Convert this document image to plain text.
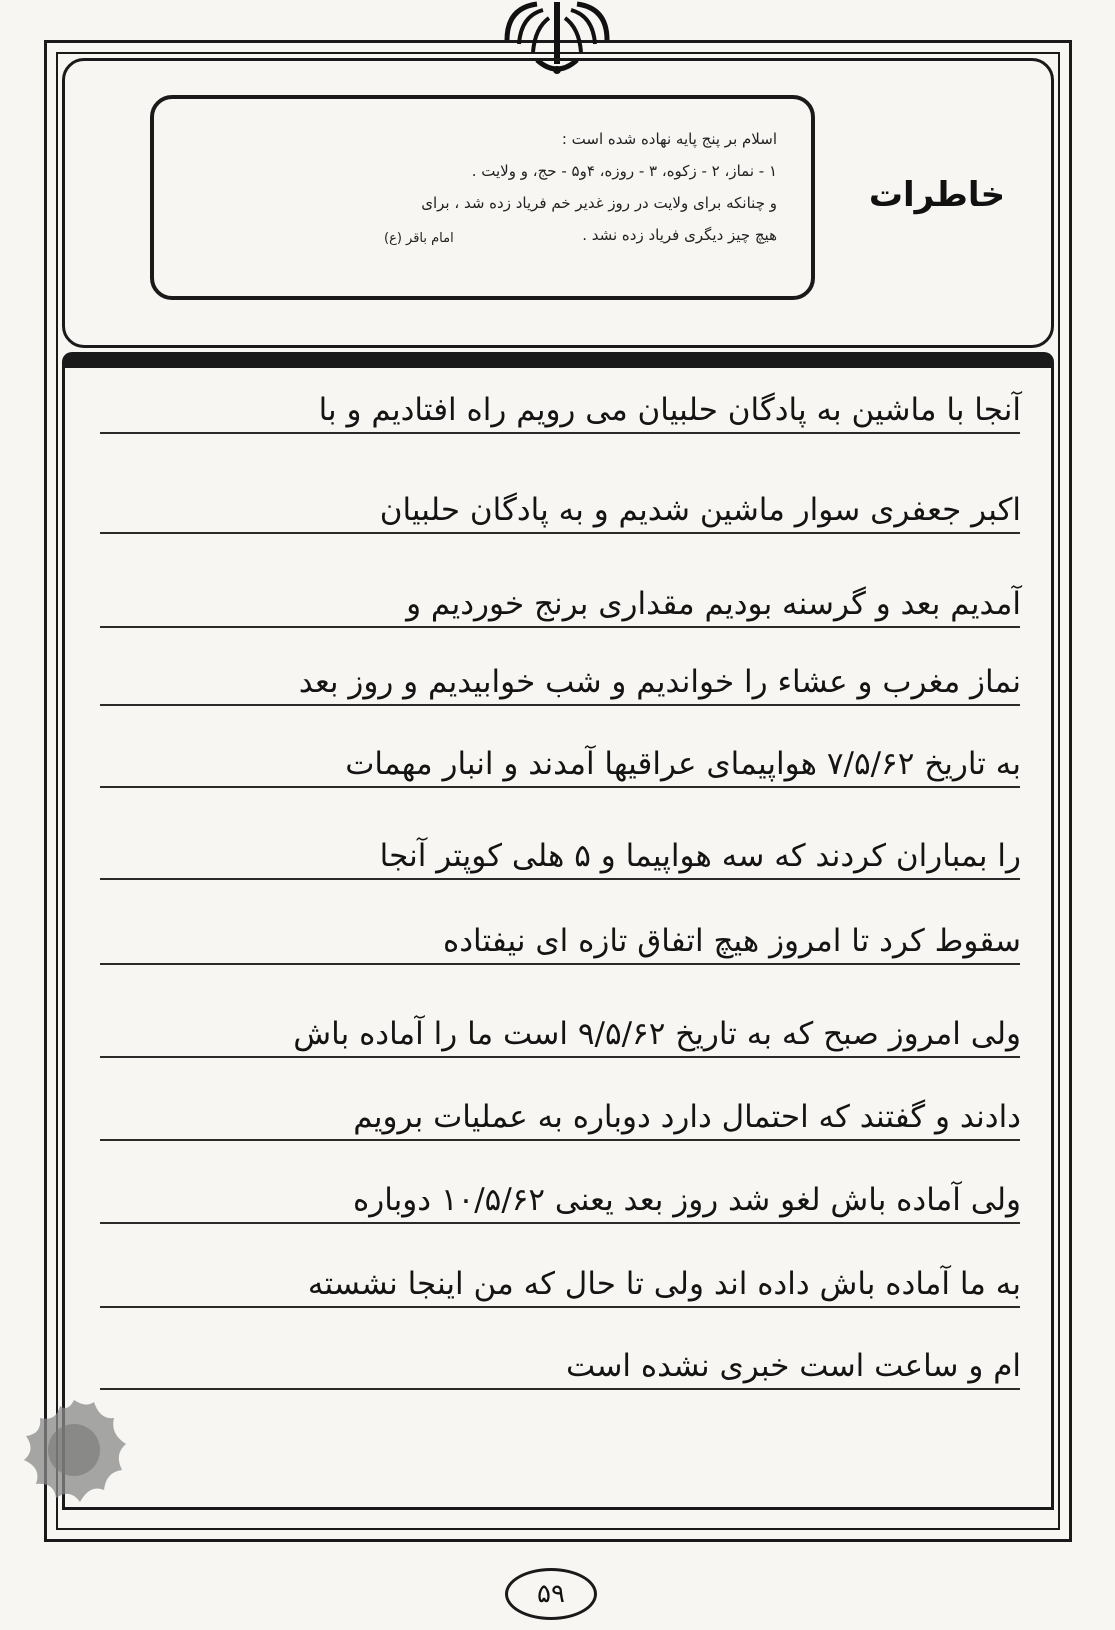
اسلام بر پنج پایه نهاده شده است :
۱ - نماز، ۲ - زکوه، ۳ - روزه، ۴و۵ - حج، و ولایت .
و چنانکه برای ولایت در روز غدیر خم فریاد زده شد ، برای
هیچ چیز دیگری فریاد زده نشد .
امام باقر (ع)
خاطرات
آنجا با ماشین به پادگان حلبیان می رویم راه افتادیم و با
اکبر جعفری سوار ماشین شدیم و به پادگان حلبیان
آمدیم بعد و گرسنه بودیم مقداری برنج خوردیم و
نماز مغرب و عشاء را خواندیم و شب خوابیدیم و روز بعد
به تاریخ ۷/۵/۶۲ هواپیمای عراقیها آمدند و انبار مهمات
را بمباران کردند که سه هواپیما و ۵ هلی کوپتر آنجا
سقوط کرد تا امروز هیچ اتفاق تازه ای نیفتاده
ولی امروز صبح که به تاریخ ۹/۵/۶۲ است ما را آماده باش
دادند و گفتند که احتمال دارد دوباره به عملیات برویم
ولی آماده باش لغو شد روز بعد یعنی ۱۰/۵/۶۲ دوباره
به ما آماده باش داده اند ولی تا حال که من اینجا نشسته
ام و ساعت است خبری نشده است
۵۹
